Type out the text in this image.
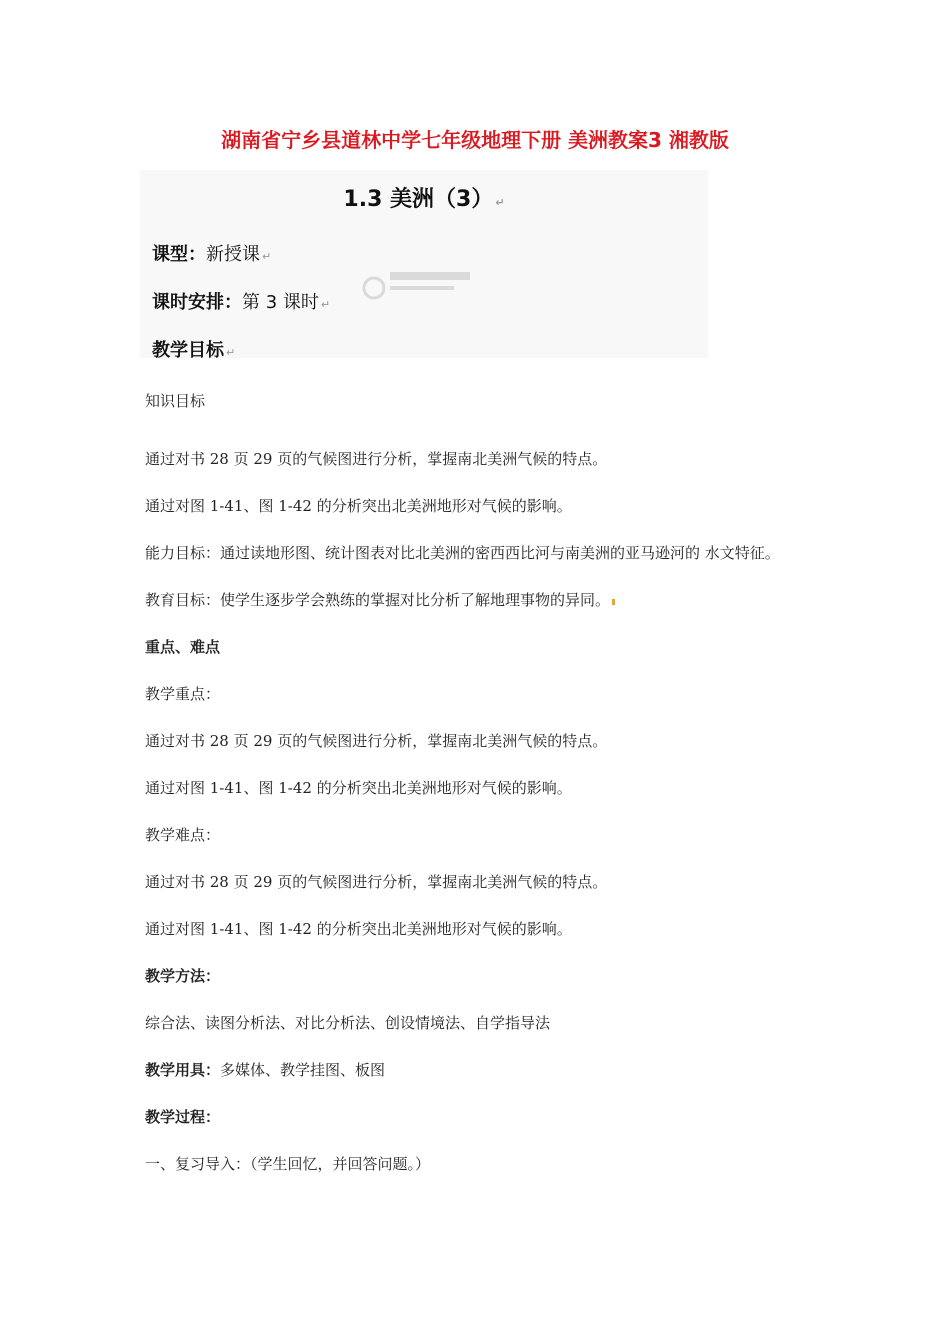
湖南省宁乡县道林中学七年级地理下册 美洲教案3 湘教版
1.3 美洲（3） ↵
课型：新授课 ↵
课时安排：第 3 课时 ↵
教学目标 ↵

知识目标

通过对书 28 页 29 页的气候图进行分析，掌握南北美洲气候的特点。

通过对图 1-41、图 1-42 的分析突出北美洲地形对气候的影响。

能力目标：通过读地形图、统计图表对比北美洲的密西西比河与南美洲的亚马逊河的 水文特征。

教育目标：使学生逐步学会熟练的掌握对比分析了解地理事物的异同。

重点、难点

教学重点：

通过对书 28 页 29 页的气候图进行分析，掌握南北美洲气候的特点。

通过对图 1-41、图 1-42 的分析突出北美洲地形对气候的影响。

教学难点：

通过对书 28 页 29 页的气候图进行分析，掌握南北美洲气候的特点。

通过对图 1-41、图 1-42 的分析突出北美洲地形对气候的影响。

教学方法：

综合法、读图分析法、对比分析法、创设情境法、自学指导法

教学用具：多媒体、教学挂图、板图

教学过程：

一、复习导入：（学生回忆，并回答问题。）
